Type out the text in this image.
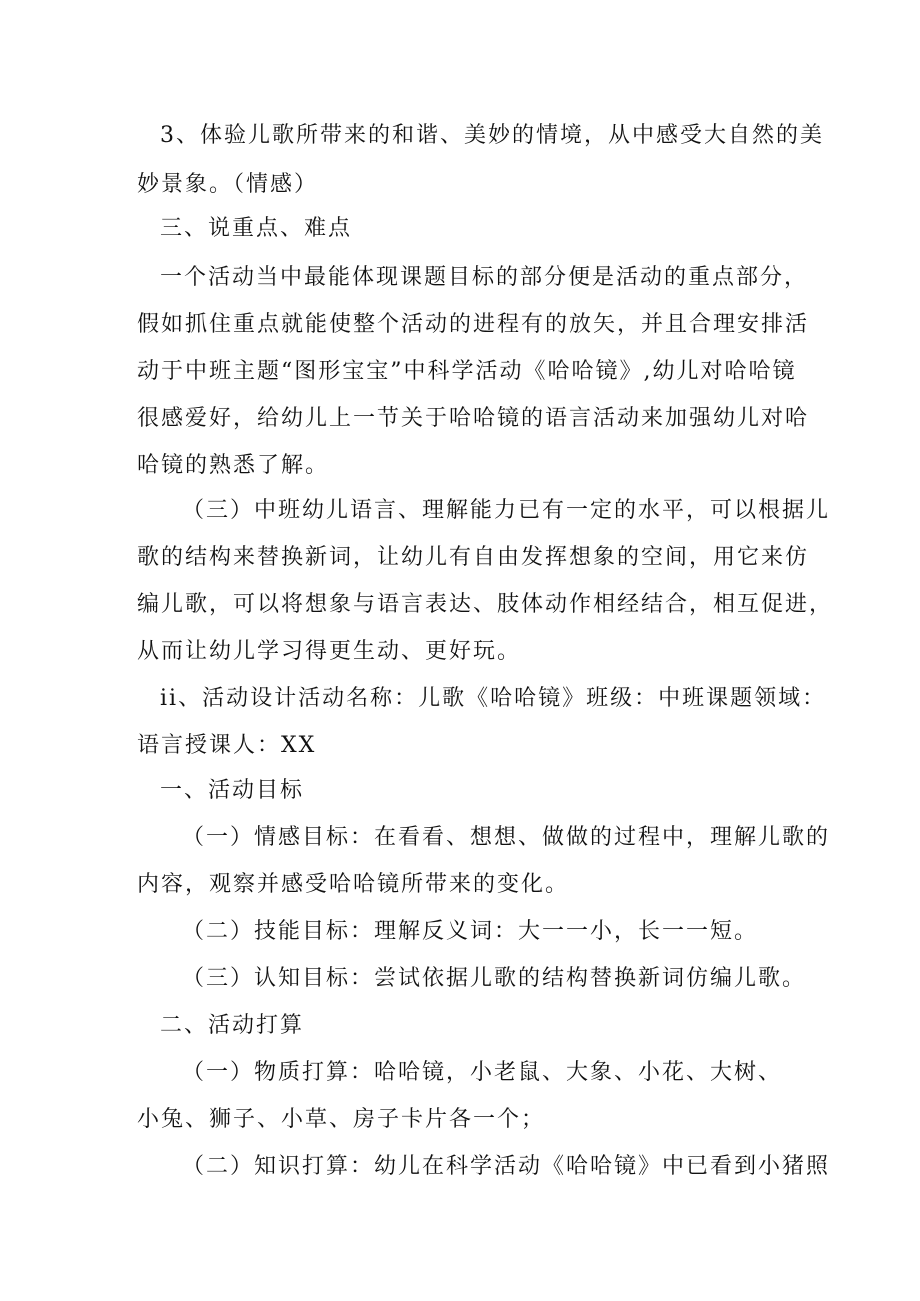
3、体验儿歌所带来的和谐、美妙的情境，从中感受大自然的美
妙景象。（情感）
三、说重点、难点
一个活动当中最能体现课题目标的部分便是活动的重点部分，
假如抓住重点就能使整个活动的进程有的放矢，并且合理安排活
动于中班主题“图形宝宝”中科学活动《哈哈镜》,幼儿对哈哈镜
很感爱好，给幼儿上一节关于哈哈镜的语言活动来加强幼儿对哈
哈镜的熟悉了解。
（三）中班幼儿语言、理解能力已有一定的水平，可以根据儿
歌的结构来替换新词，让幼儿有自由发挥想象的空间，用它来仿
编儿歌，可以将想象与语言表达、肢体动作相经结合，相互促进，
从而让幼儿学习得更生动、更好玩。
ii、活动设计活动名称：儿歌《哈哈镜》班级：中班课题领域：
语言授课人：XX
一、活动目标
（一）情感目标：在看看、想想、做做的过程中，理解儿歌的
内容，观察并感受哈哈镜所带来的变化。
（二）技能目标：理解反义词：大一一小，长一一短。
（三）认知目标：尝试依据儿歌的结构替换新词仿编儿歌。
二、活动打算
（一）物质打算：哈哈镜，小老鼠、大象、小花、大树、
小兔、狮子、小草、房子卡片各一个；
（二）知识打算：幼儿在科学活动《哈哈镜》中已看到小猪照
